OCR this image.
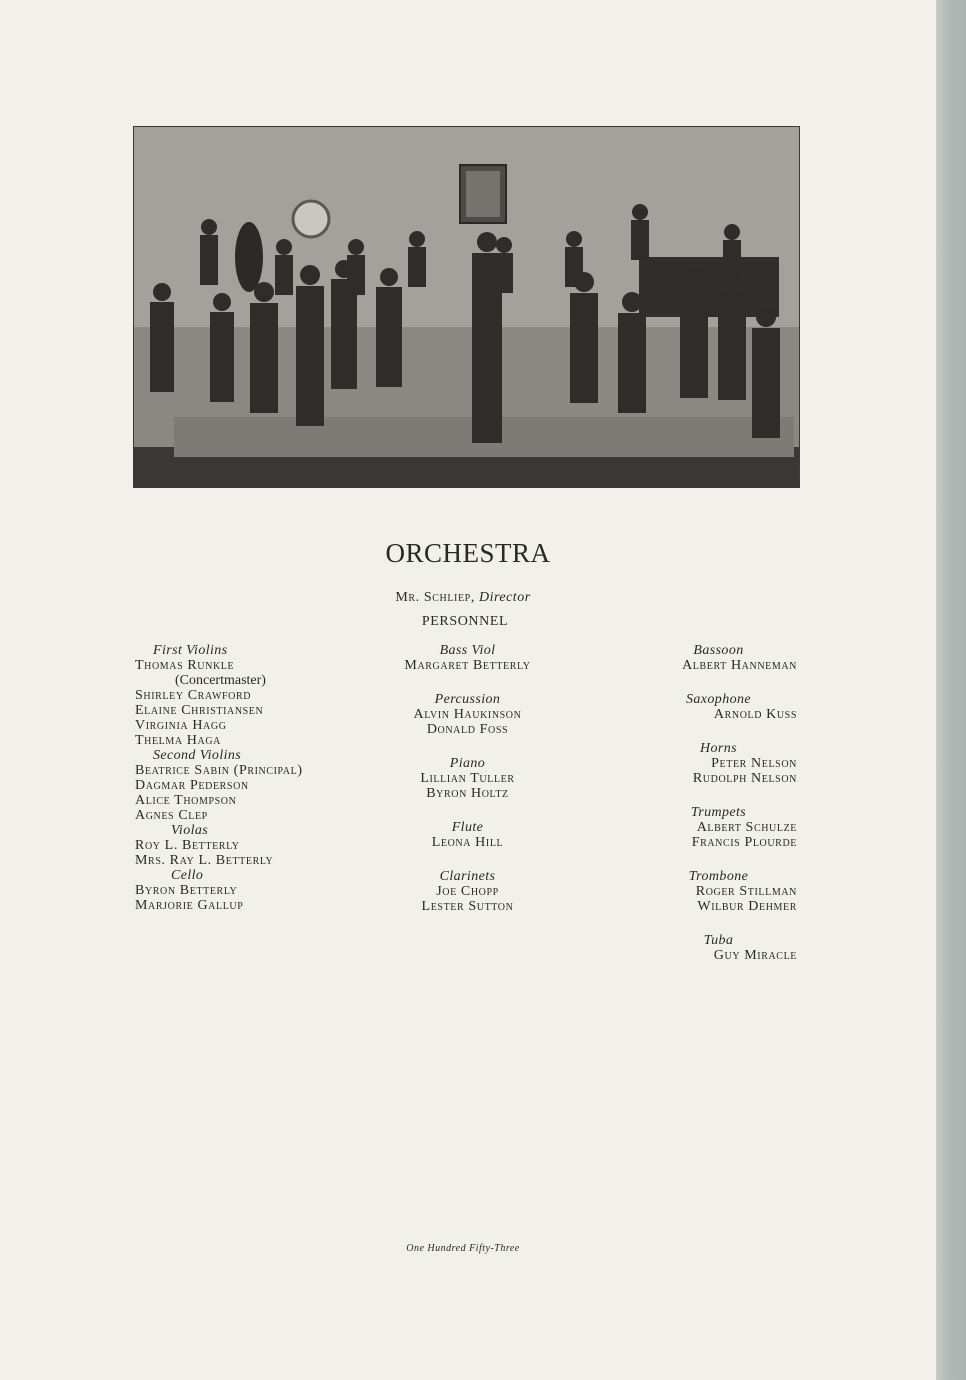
ORCHESTRA
Mr. Schliep, Director
PERSONNEL
First Violins
Thomas Runkle
(Concertmaster)
Shirley Crawford
Elaine Christiansen
Virginia Hagg
Thelma Haga
Second Violins
Beatrice Sabin (Principal)
Dagmar Pederson
Alice Thompson
Agnes Clep
Violas
Roy L. Betterly
Mrs. Ray L. Betterly
Cello
Byron Betterly
Marjorie Gallup
Bass Viol
Margaret Betterly
Percussion
Alvin Haukinson
Donald Foss
Piano
Lillian Tuller
Byron Holtz
Flute
Leona Hill
Clarinets
Joe Chopp
Lester Sutton
Bassoon
Albert Hanneman
Saxophone
Arnold Kuss
Horns
Peter Nelson
Rudolph Nelson
Trumpets
Albert Schulze
Francis Plourde
Trombone
Roger Stillman
Wilbur Dehmer
Tuba
Guy Miracle
One Hundred Fifty-Three
